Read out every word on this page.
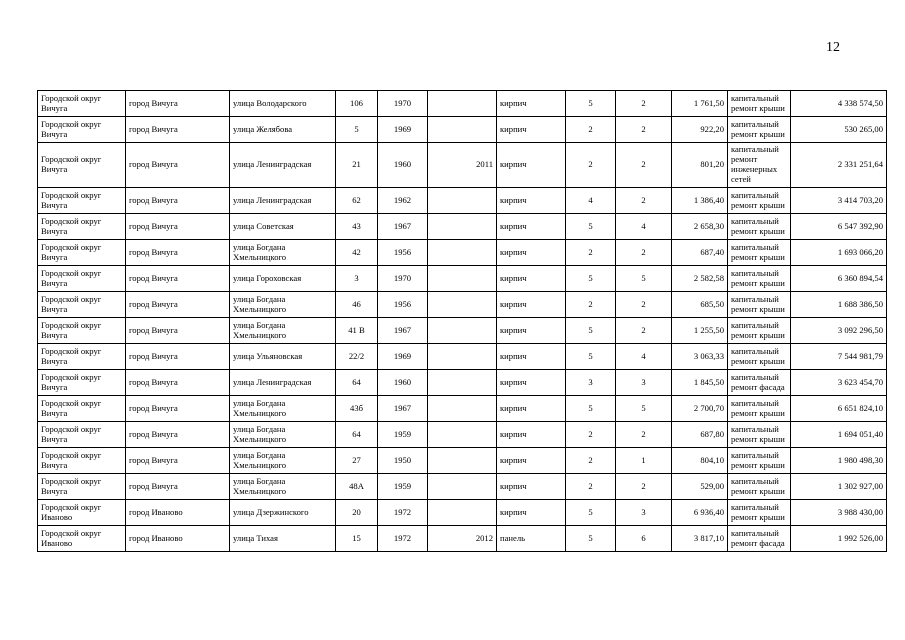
12
Городской округ Вичуга	город Вичуга	улица Володарского	106	1970		кирпич	5	2	1 761,50	капитальный ремонт крыши	4 338 574,50
Городской округ Вичуга	город Вичуга	улица Желябова	5	1969		кирпич	2	2	922,20	капитальный ремонт крыши	530 265,00
Городской округ Вичуга	город Вичуга	улица Ленинградская	21	1960	2011	кирпич	2	2	801,20	капитальный ремонт инженерных сетей	2 331 251,64
Городской округ Вичуга	город Вичуга	улица Ленинградская	62	1962		кирпич	4	2	1 386,40	капитальный ремонт крыши	3 414 703,20
Городской округ Вичуга	город Вичуга	улица Советская	43	1967		кирпич	5	4	2 658,30	капитальный ремонт крыши	6 547 392,90
Городской округ Вичуга	город Вичуга	улица Богдана Хмельницкого	42	1956		кирпич	2	2	687,40	капитальный ремонт крыши	1 693 066,20
Городской округ Вичуга	город Вичуга	улица Гороховская	3	1970		кирпич	5	5	2 582,58	капитальный ремонт крыши	6 360 894,54
Городской округ Вичуга	город Вичуга	улица Богдана Хмельницкого	46	1956		кирпич	2	2	685,50	капитальный ремонт крыши	1 688 386,50
Городской округ Вичуга	город Вичуга	улица Богдана Хмельницкого	41 В	1967		кирпич	5	2	1 255,50	капитальный ремонт крыши	3 092 296,50
Городской округ Вичуга	город Вичуга	улица Ульяновская	22/2	1969		кирпич	5	4	3 063,33	капитальный ремонт крыши	7 544 981,79
Городской округ Вичуга	город Вичуга	улица Ленинградская	64	1960		кирпич	3	3	1 845,50	капитальный ремонт фасада	3 623 454,70
Городской округ Вичуга	город Вичуга	улица Богдана Хмельницкого	43б	1967		кирпич	5	5	2 700,70	капитальный ремонт крыши	6 651 824,10
Городской округ Вичуга	город Вичуга	улица Богдана Хмельницкого	64	1959		кирпич	2	2	687,80	капитальный ремонт крыши	1 694 051,40
Городской округ Вичуга	город Вичуга	улица Богдана Хмельницкого	27	1950		кирпич	2	1	804,10	капитальный ремонт крыши	1 980 498,30
Городской округ Вичуга	город Вичуга	улица Богдана Хмельницкого	48А	1959		кирпич	2	2	529,00	капитальный ремонт крыши	1 302 927,00
Городской округ Иваново	город Иваново	улица Дзержинского	20	1972		кирпич	5	3	6 936,40	капитальный ремонт крыши	3 988 430,00
Городской округ Иваново	город Иваново	улица Тихая	15	1972	2012	панель	5	6	3 817,10	капитальный ремонт фасада	1 992 526,00
